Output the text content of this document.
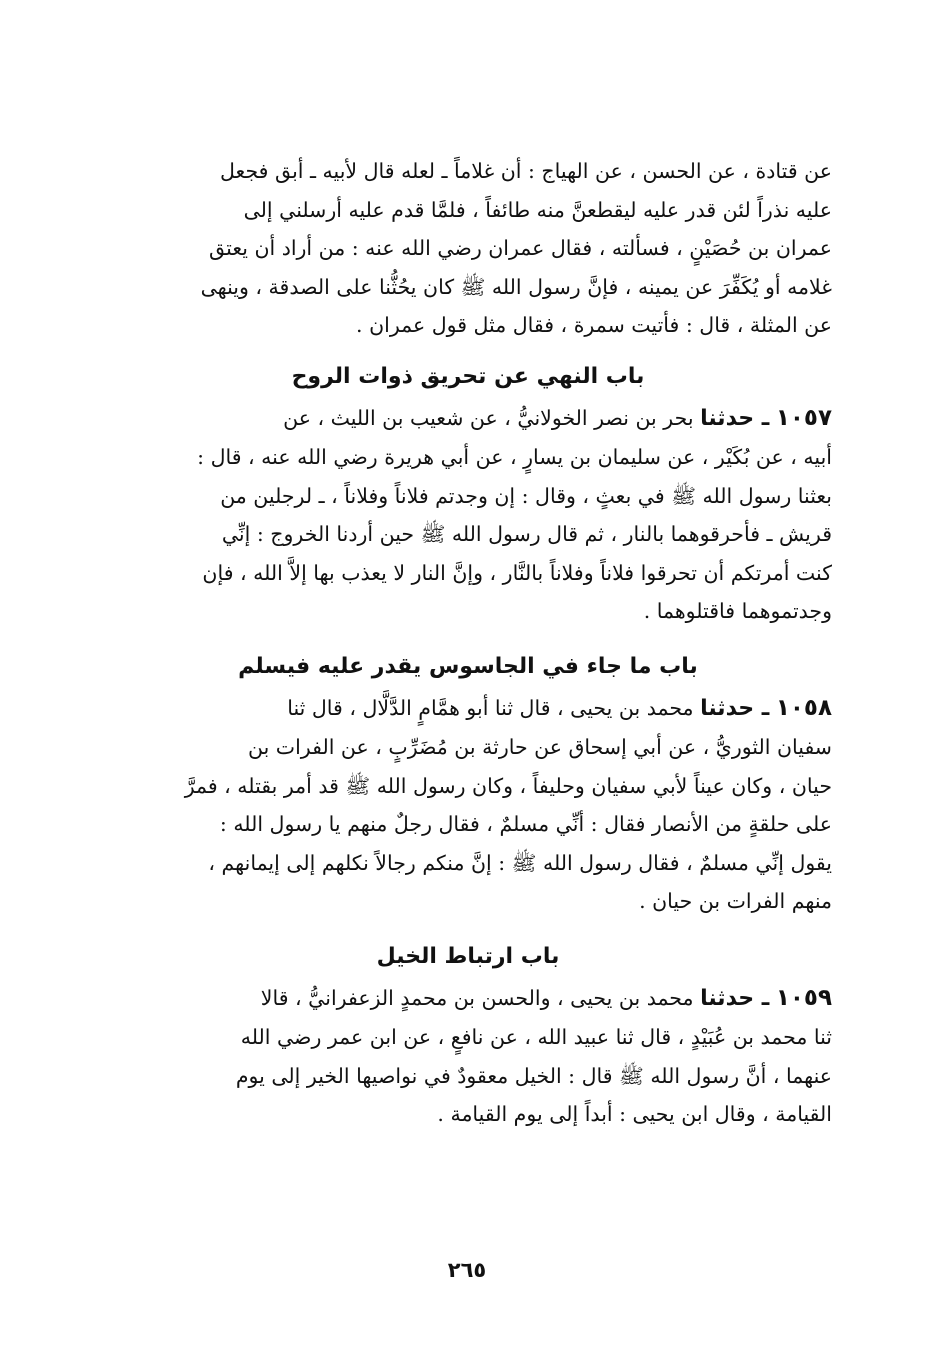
عن قتادة ، عن الحسن ، عن الهياج : أن غلاماً ـ لعله قال لأبيه ـ أبق فجعل
عليه نذراً لئن قدر عليه ليقطعنَّ منه طائفاً ، فلمَّا قدم عليه أرسلني إلى
عمران بن حُصَيْنٍ ، فسألته ، فقال عمران رضي الله عنه : من أراد أن يعتق
غلامه أو يُكَفِّرَ عن يمينه ، فإنَّ رسول الله ﷺ كان يحُثُّنا على الصدقة ، وينهى
عن المثلة ، قال : فأتيت سمرة ، فقال مثل قول عمران .
باب النهي عن تحريق ذوات الروح
١٠٥٧ ـ حدثنا بحر بن نصر الخولانيُّ ، عن شعيب بن الليث ، عن
أبيه ، عن بُكَيْر ، عن سليمان بن يسارٍ ، عن أبي هريرة رضي الله عنه ، قال :
بعثنا رسول الله ﷺ في بعثٍ ، وقال : إن وجدتم فلاناً وفلاناً ، ـ لرجلين من
قريش ـ فأحرقوهما بالنار ، ثم قال رسول الله ﷺ حين أردنا الخروج : إنِّي
كنت أمرتكم أن تحرقوا فلاناً وفلاناً بالنَّار ، وإنَّ النار لا يعذب بها إلاَّ الله ، فإن
وجدتموهما فاقتلوهما .
باب ما جاء في الجاسوس يقدر عليه فيسلم
١٠٥٨ ـ حدثنا محمد بن يحيى ، قال ثنا أبو همَّامٍ الدَّلَّال ، قال ثنا
سفيان الثوريُّ ، عن أبي إسحاق عن حارثة بن مُضَرِّبٍ ، عن الفرات بن
حيان ، وكان عيناً لأبي سفيان وحليفاً ، وكان رسول الله ﷺ قد أمر بقتله ، فمرَّ
على حلقةٍ من الأنصار فقال : أنِّي مسلمٌ ، فقال رجلٌ منهم يا رسول الله :
يقول إنِّي مسلمٌ ، فقال رسول الله ﷺ : إنَّ منكم رجالاً نكلهم إلى إيمانهم ،
منهم الفرات بن حيان .
باب ارتباط الخيل
١٠٥٩ ـ حدثنا محمد بن يحيى ، والحسن بن محمدٍ الزعفرانيُّ ، قالا
ثنا محمد بن عُبَيْدٍ ، قال ثنا عبيد الله ، عن نافعٍ ، عن ابن عمر رضي الله
عنهما ، أنَّ رسول الله ﷺ قال : الخيل معقودٌ في نواصيها الخير إلى يوم
القيامة ، وقال ابن يحيى : أبداً إلى يوم القيامة .
٢٦٥
